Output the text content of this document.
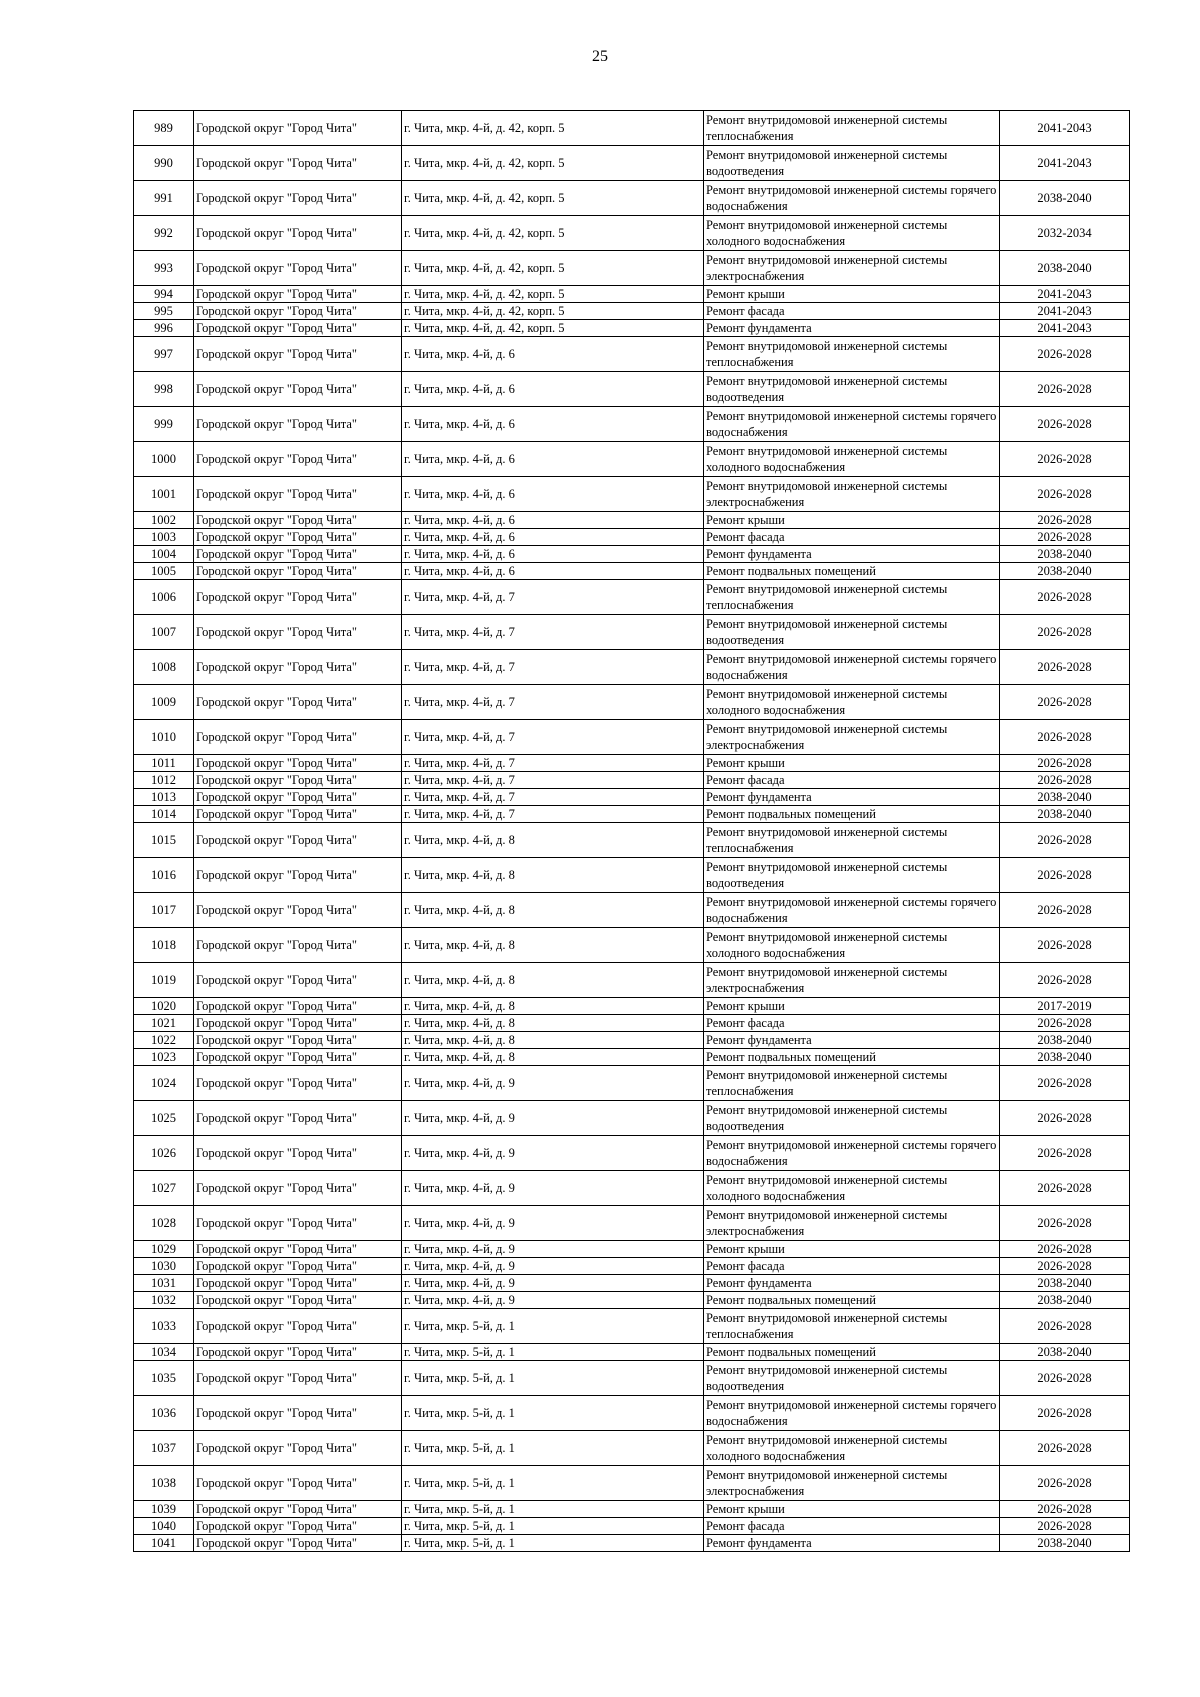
25
989	Городской округ "Город Чита"	г. Чита, мкр. 4-й, д. 42, корп. 5	Ремонт внутридомовой инженерной системы теплоснабжения	2041-2043
990	Городской округ "Город Чита"	г. Чита, мкр. 4-й, д. 42, корп. 5	Ремонт внутридомовой инженерной системы водоотведения	2041-2043
991	Городской округ "Город Чита"	г. Чита, мкр. 4-й, д. 42, корп. 5	Ремонт внутридомовой инженерной системы горячего водоснабжения	2038-2040
992	Городской округ "Город Чита"	г. Чита, мкр. 4-й, д. 42, корп. 5	Ремонт внутридомовой инженерной системы холодного водоснабжения	2032-2034
993	Городской округ "Город Чита"	г. Чита, мкр. 4-й, д. 42, корп. 5	Ремонт внутридомовой инженерной системы электроснабжения	2038-2040
994	Городской округ "Город Чита"	г. Чита, мкр. 4-й, д. 42, корп. 5	Ремонт крыши	2041-2043
995	Городской округ "Город Чита"	г. Чита, мкр. 4-й, д. 42, корп. 5	Ремонт фасада	2041-2043
996	Городской округ "Город Чита"	г. Чита, мкр. 4-й, д. 42, корп. 5	Ремонт фундамента	2041-2043
997	Городской округ "Город Чита"	г. Чита, мкр. 4-й, д. 6	Ремонт внутридомовой инженерной системы теплоснабжения	2026-2028
998	Городской округ "Город Чита"	г. Чита, мкр. 4-й, д. 6	Ремонт внутридомовой инженерной системы водоотведения	2026-2028
999	Городской округ "Город Чита"	г. Чита, мкр. 4-й, д. 6	Ремонт внутридомовой инженерной системы горячего водоснабжения	2026-2028
1000	Городской округ "Город Чита"	г. Чита, мкр. 4-й, д. 6	Ремонт внутридомовой инженерной системы холодного водоснабжения	2026-2028
1001	Городской округ "Город Чита"	г. Чита, мкр. 4-й, д. 6	Ремонт внутридомовой инженерной системы электроснабжения	2026-2028
1002	Городской округ "Город Чита"	г. Чита, мкр. 4-й, д. 6	Ремонт крыши	2026-2028
1003	Городской округ "Город Чита"	г. Чита, мкр. 4-й, д. 6	Ремонт фасада	2026-2028
1004	Городской округ "Город Чита"	г. Чита, мкр. 4-й, д. 6	Ремонт фундамента	2038-2040
1005	Городской округ "Город Чита"	г. Чита, мкр. 4-й, д. 6	Ремонт подвальных помещений	2038-2040
1006	Городской округ "Город Чита"	г. Чита, мкр. 4-й, д. 7	Ремонт внутридомовой инженерной системы теплоснабжения	2026-2028
1007	Городской округ "Город Чита"	г. Чита, мкр. 4-й, д. 7	Ремонт внутридомовой инженерной системы водоотведения	2026-2028
1008	Городской округ "Город Чита"	г. Чита, мкр. 4-й, д. 7	Ремонт внутридомовой инженерной системы горячего водоснабжения	2026-2028
1009	Городской округ "Город Чита"	г. Чита, мкр. 4-й, д. 7	Ремонт внутридомовой инженерной системы холодного водоснабжения	2026-2028
1010	Городской округ "Город Чита"	г. Чита, мкр. 4-й, д. 7	Ремонт внутридомовой инженерной системы электроснабжения	2026-2028
1011	Городской округ "Город Чита"	г. Чита, мкр. 4-й, д. 7	Ремонт крыши	2026-2028
1012	Городской округ "Город Чита"	г. Чита, мкр. 4-й, д. 7	Ремонт фасада	2026-2028
1013	Городской округ "Город Чита"	г. Чита, мкр. 4-й, д. 7	Ремонт фундамента	2038-2040
1014	Городской округ "Город Чита"	г. Чита, мкр. 4-й, д. 7	Ремонт подвальных помещений	2038-2040
1015	Городской округ "Город Чита"	г. Чита, мкр. 4-й, д. 8	Ремонт внутридомовой инженерной системы теплоснабжения	2026-2028
1016	Городской округ "Город Чита"	г. Чита, мкр. 4-й, д. 8	Ремонт внутридомовой инженерной системы водоотведения	2026-2028
1017	Городской округ "Город Чита"	г. Чита, мкр. 4-й, д. 8	Ремонт внутридомовой инженерной системы горячего водоснабжения	2026-2028
1018	Городской округ "Город Чита"	г. Чита, мкр. 4-й, д. 8	Ремонт внутридомовой инженерной системы холодного водоснабжения	2026-2028
1019	Городской округ "Город Чита"	г. Чита, мкр. 4-й, д. 8	Ремонт внутридомовой инженерной системы электроснабжения	2026-2028
1020	Городской округ "Город Чита"	г. Чита, мкр. 4-й, д. 8	Ремонт крыши	2017-2019
1021	Городской округ "Город Чита"	г. Чита, мкр. 4-й, д. 8	Ремонт фасада	2026-2028
1022	Городской округ "Город Чита"	г. Чита, мкр. 4-й, д. 8	Ремонт фундамента	2038-2040
1023	Городской округ "Город Чита"	г. Чита, мкр. 4-й, д. 8	Ремонт подвальных помещений	2038-2040
1024	Городской округ "Город Чита"	г. Чита, мкр. 4-й, д. 9	Ремонт внутридомовой инженерной системы теплоснабжения	2026-2028
1025	Городской округ "Город Чита"	г. Чита, мкр. 4-й, д. 9	Ремонт внутридомовой инженерной системы водоотведения	2026-2028
1026	Городской округ "Город Чита"	г. Чита, мкр. 4-й, д. 9	Ремонт внутридомовой инженерной системы горячего водоснабжения	2026-2028
1027	Городской округ "Город Чита"	г. Чита, мкр. 4-й, д. 9	Ремонт внутридомовой инженерной системы холодного водоснабжения	2026-2028
1028	Городской округ "Город Чита"	г. Чита, мкр. 4-й, д. 9	Ремонт внутридомовой инженерной системы электроснабжения	2026-2028
1029	Городской округ "Город Чита"	г. Чита, мкр. 4-й, д. 9	Ремонт крыши	2026-2028
1030	Городской округ "Город Чита"	г. Чита, мкр. 4-й, д. 9	Ремонт фасада	2026-2028
1031	Городской округ "Город Чита"	г. Чита, мкр. 4-й, д. 9	Ремонт фундамента	2038-2040
1032	Городской округ "Город Чита"	г. Чита, мкр. 4-й, д. 9	Ремонт подвальных помещений	2038-2040
1033	Городской округ "Город Чита"	г. Чита, мкр. 5-й, д. 1	Ремонт внутридомовой инженерной системы теплоснабжения	2026-2028
1034	Городской округ "Город Чита"	г. Чита, мкр. 5-й, д. 1	Ремонт подвальных помещений	2038-2040
1035	Городской округ "Город Чита"	г. Чита, мкр. 5-й, д. 1	Ремонт внутридомовой инженерной системы водоотведения	2026-2028
1036	Городской округ "Город Чита"	г. Чита, мкр. 5-й, д. 1	Ремонт внутридомовой инженерной системы горячего водоснабжения	2026-2028
1037	Городской округ "Город Чита"	г. Чита, мкр. 5-й, д. 1	Ремонт внутридомовой инженерной системы холодного водоснабжения	2026-2028
1038	Городской округ "Город Чита"	г. Чита, мкр. 5-й, д. 1	Ремонт внутридомовой инженерной системы электроснабжения	2026-2028
1039	Городской округ "Город Чита"	г. Чита, мкр. 5-й, д. 1	Ремонт крыши	2026-2028
1040	Городской округ "Город Чита"	г. Чита, мкр. 5-й, д. 1	Ремонт фасада	2026-2028
1041	Городской округ "Город Чита"	г. Чита, мкр. 5-й, д. 1	Ремонт фундамента	2038-2040
